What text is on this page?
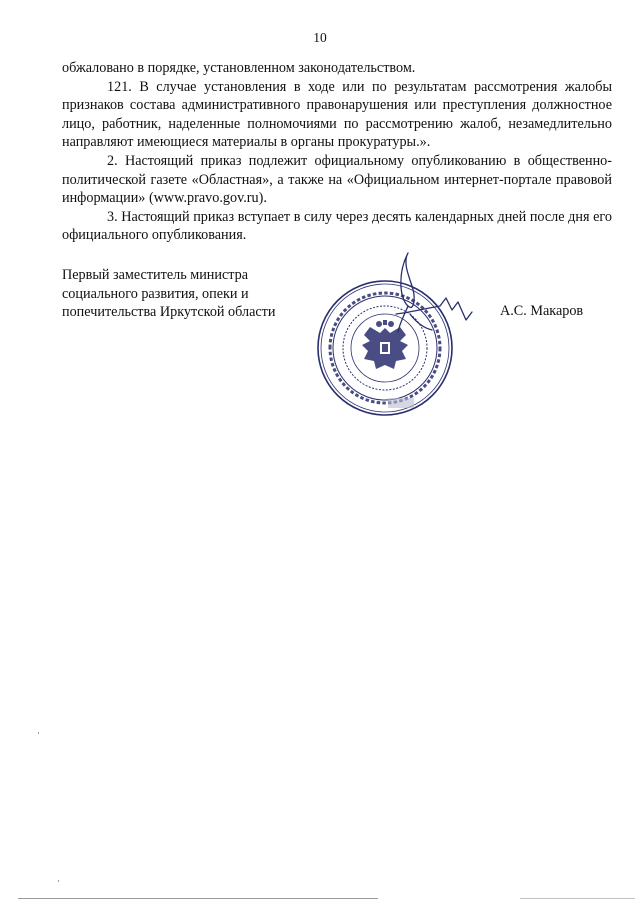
10

обжаловано в порядке, установленном законодательством.

121. В случае установления в ходе или по результатам рассмотрения жалобы признаков состава административного правонарушения или преступления должностное лицо, работник, наделенные полномочиями по рассмотрению жалоб, незамедлительно направляют имеющиеся материалы в органы прокуратуры.».

2. Настоящий приказ подлежит официальному опубликованию в общественно-политической газете «Областная», а также на «Официальном интернет-портале правовой информации» (www.pravo.gov.ru).

3. Настоящий приказ вступает в силу через десять календарных дней после дня его официального опубликования.

Первый заместитель министра
социального развития, опеки и
попечительства Иркутской области	А.С. Макаров
